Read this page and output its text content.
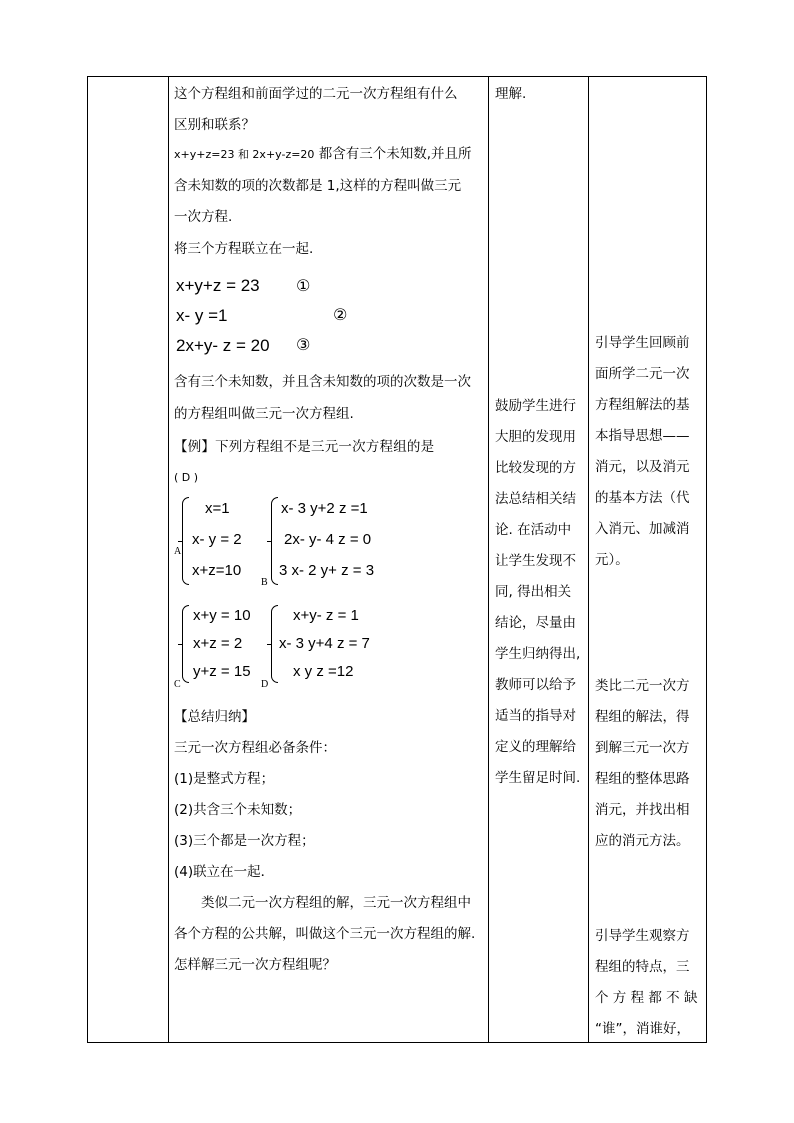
这个方程组和前面学过的二元一次方程组有什么
区别和联系？
x+y+z=23 和 2x+y-z=20 都含有三个未知数,并且所
含未知数的项的次数都是 1,这样的方程叫做三元
一次方程.
将三个方程联立在一起.
x+y+z = 23 ①
x- y =1	②
2x+y- z = 20 ③
含有三个未知数，并且含未知数的项的次数是一次
的方程组叫做三元一次方程组.
【例】下列方程组不是三元一次方程组的是
( D )
x=1
x- y = 2
x+z=10
A
x- 3 y+2 z =1
2x- y- 4 z = 0
3 x- 2 y+ z = 3
B
x+y = 10
x+z = 2
y+z = 15
C
x+y- z = 1
x- 3 y+4 z = 7
x y z =12
D
【总结归纳】
三元一次方程组必备条件：
(1)是整式方程；
(2)共含三个未知数；
(3)三个都是一次方程；
(4)联立在一起．
类似二元一次方程组的解，三元一次方程组中
各个方程的公共解，叫做这个三元一次方程组的解.
怎样解三元一次方程组呢？
理解.
鼓励学生进行
大胆的发现用
比较发现的方
法总结相关结
论. 在活动中
让学生发现不
同, 得出相关
结论，尽量由
学生归纳得出,
教师可以给予
适当的指导对
定义的理解给
学生留足时间.
引导学生回顾前
面所学二元一次
方程组解法的基
本指导思想——
消元，以及消元
的基本方法（代
入消元、加减消
元）。
类比二元一次方
程组的解法，得
到解三元一次方
程组的整体思路
消元，并找出相
应的消元方法。
引导学生观察方
程组的特点，三
个 方 程 都 不 缺
“谁”，消谁好，
